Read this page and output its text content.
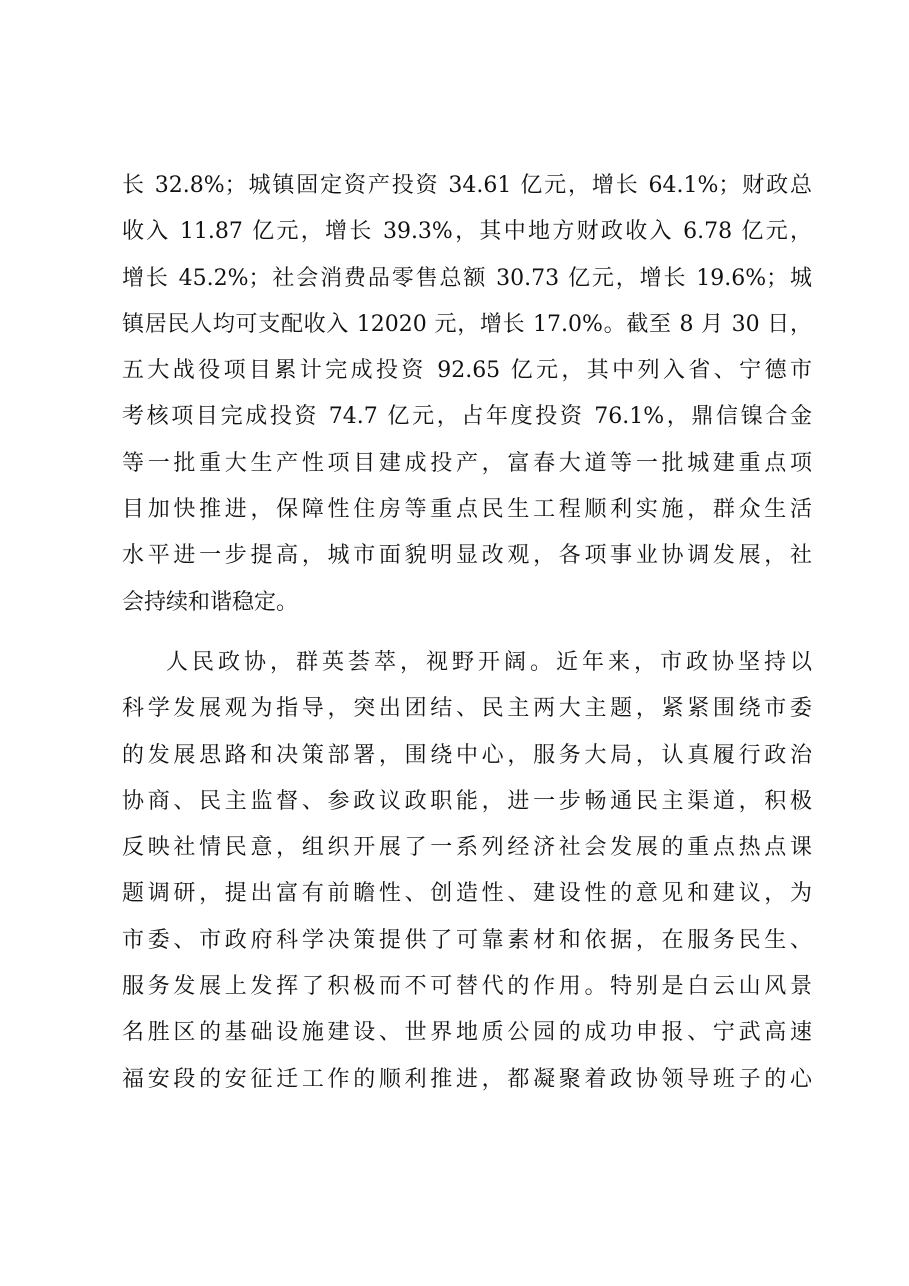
长 32.8%；城镇固定资产投资 34.61 亿元，增长 64.1%；财政总
收入 11.87 亿元，增长 39.3%，其中地方财政收入 6.78 亿元，
增长 45.2%；社会消费品零售总额 30.73 亿元，增长 19.6%；城
镇居民人均可支配收入 12020 元，增长 17.0%。截至 8 月 30 日，
五大战役项目累计完成投资 92.65 亿元，其中列入省、宁德市
考核项目完成投资 74.7 亿元，占年度投资 76.1%，鼎信镍合金
等一批重大生产性项目建成投产，富春大道等一批城建重点项
目加快推进，保障性住房等重点民生工程顺利实施，群众生活
水平进一步提高，城市面貌明显改观，各项事业协调发展，社
会持续和谐稳定。
人民政协，群英荟萃，视野开阔。近年来，市政协坚持以
科学发展观为指导，突出团结、民主两大主题，紧紧围绕市委
的发展思路和决策部署，围绕中心，服务大局，认真履行政治
协商、民主监督、参政议政职能，进一步畅通民主渠道，积极
反映社情民意，组织开展了一系列经济社会发展的重点热点课
题调研，提出富有前瞻性、创造性、建设性的意见和建议，为
市委、市政府科学决策提供了可靠素材和依据，在服务民生、
服务发展上发挥了积极而不可替代的作用。特别是白云山风景
名胜区的基础设施建设、世界地质公园的成功申报、宁武高速
福安段的安征迁工作的顺利推进，都凝聚着政协领导班子的心
